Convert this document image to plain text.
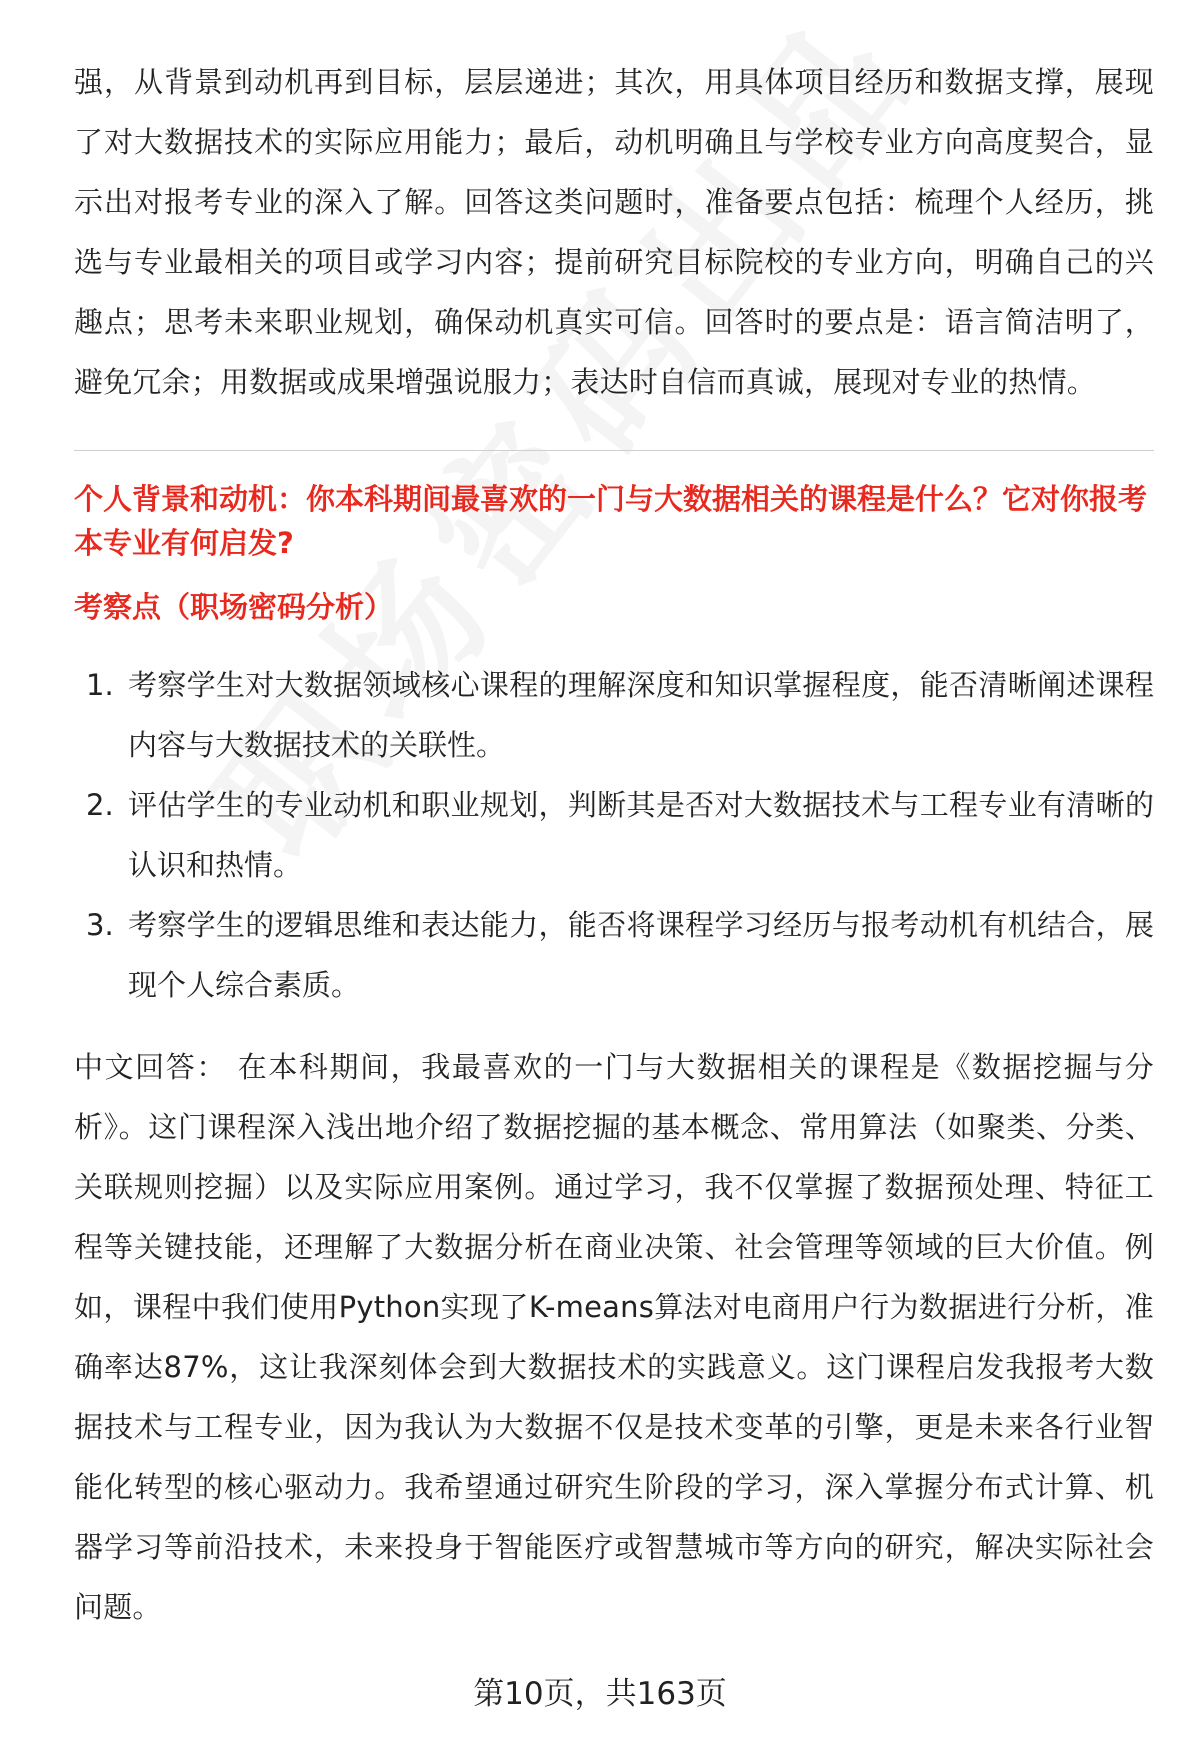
强，从背景到动机再到目标，层层递进；其次，用具体项目经历和数据支撑，展现了对大数据技术的实际应用能力；最后，动机明确且与学校专业方向高度契合，显示出对报考专业的深入了解。回答这类问题时，准备要点包括：梳理个人经历，挑选与专业最相关的项目或学习内容；提前研究目标院校的专业方向，明确自己的兴趣点；思考未来职业规划，确保动机真实可信。回答时的要点是：语言简洁明了，避免冗余；用数据或成果增强说服力；表达时自信而真诚，展现对专业的热情。

个人背景和动机：你本科期间最喜欢的一门与大数据相关的课程是什么？它对你报考本专业有何启发?
考察点（职场密码分析）
1. 考察学生对大数据领域核心课程的理解深度和知识掌握程度，能否清晰阐述课程内容与大数据技术的关联性。
2. 评估学生的专业动机和职业规划，判断其是否对大数据技术与工程专业有清晰的认识和热情。
3. 考察学生的逻辑思维和表达能力，能否将课程学习经历与报考动机有机结合，展现个人综合素质。

中文回答： 在本科期间，我最喜欢的一门与大数据相关的课程是《数据挖掘与分析》。这门课程深入浅出地介绍了数据挖掘的基本概念、常用算法（如聚类、分类、关联规则挖掘）以及实际应用案例。通过学习，我不仅掌握了数据预处理、特征工程等关键技能，还理解了大数据分析在商业决策、社会管理等领域的巨大价值。例如，课程中我们使用Python实现了K-means算法对电商用户行为数据进行分析，准确率达87%，这让我深刻体会到大数据技术的实践意义。这门课程启发我报考大数据技术与工程专业，因为我认为大数据不仅是技术变革的引擎，更是未来各行业智能化转型的核心驱动力。我希望通过研究生阶段的学习，深入掌握分布式计算、机器学习等前沿技术，未来投身于智能医疗或智慧城市等方向的研究，解决实际社会问题。

第10页，共163页
